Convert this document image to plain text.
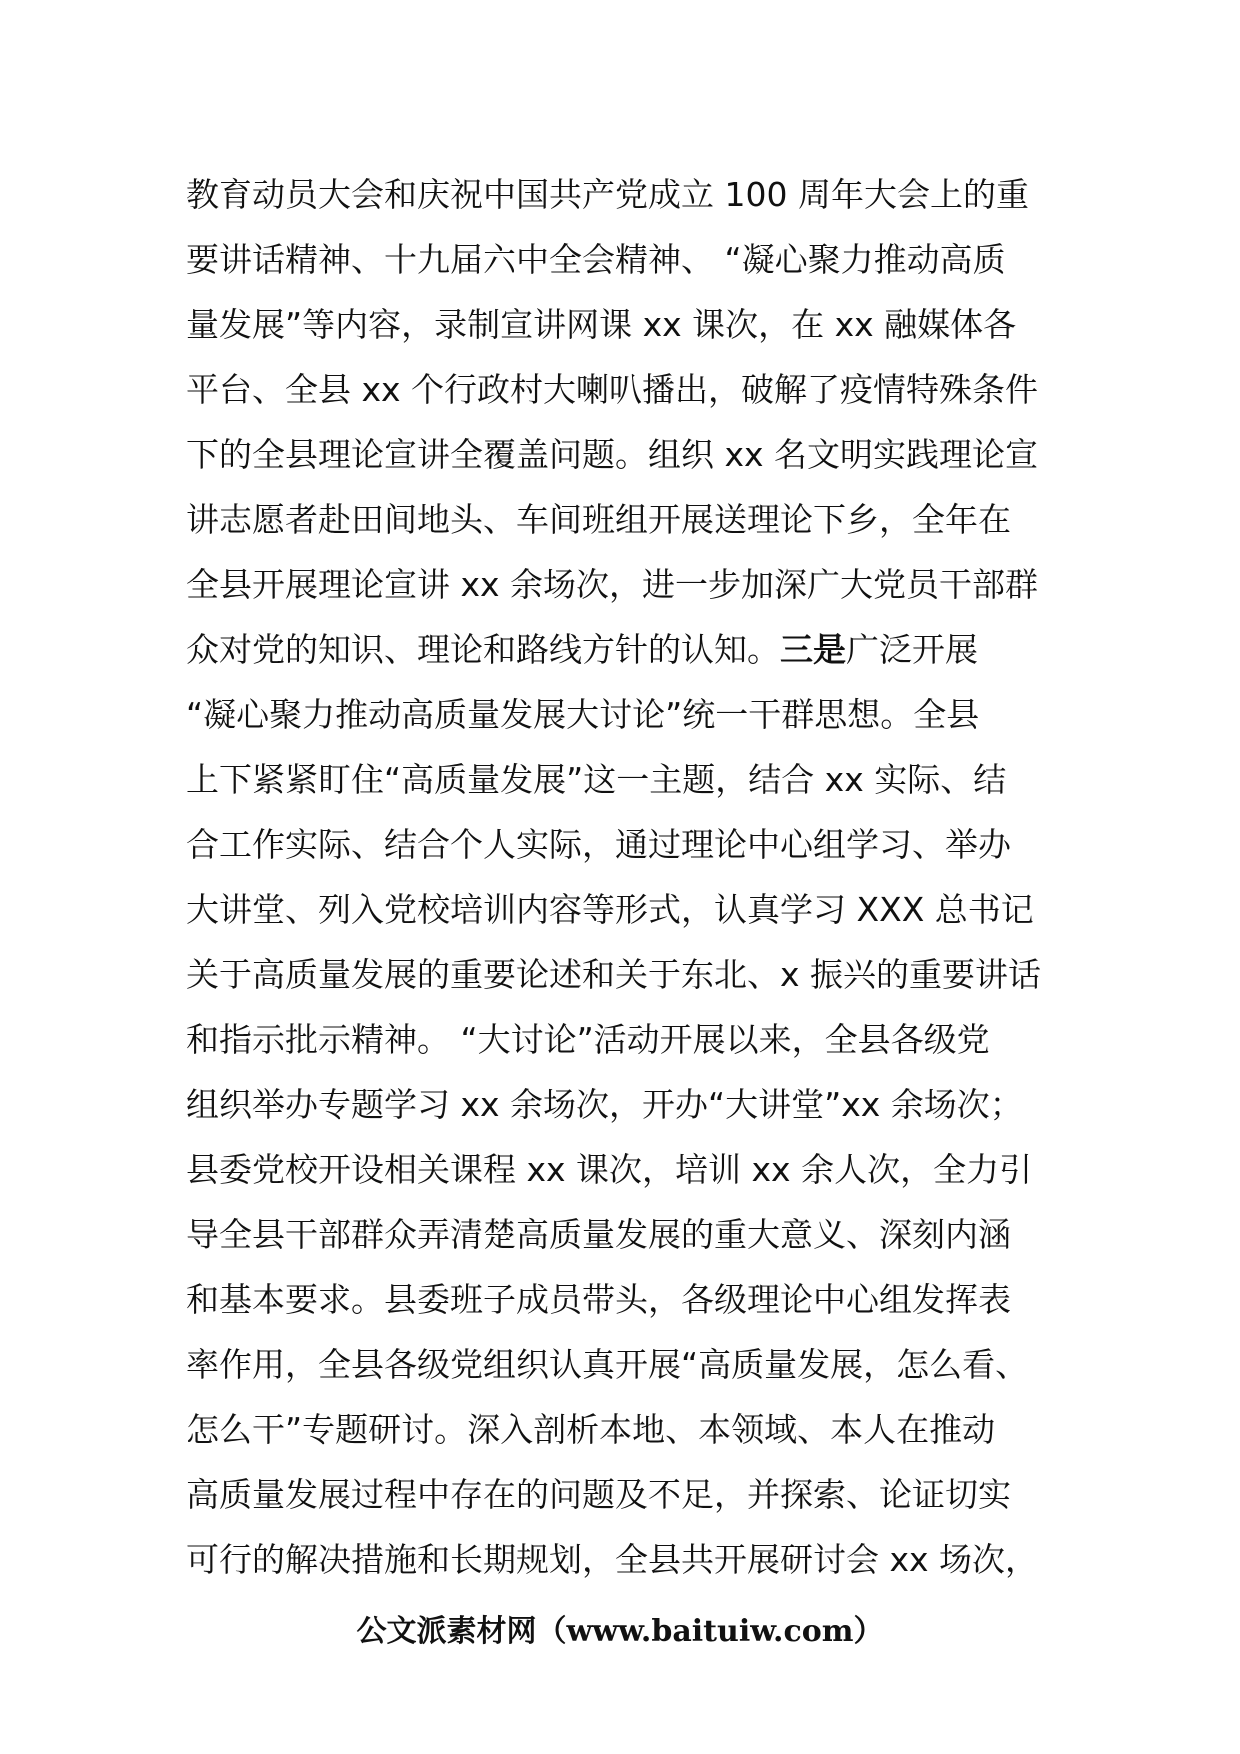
教育动员大会和庆祝中国共产党成立 100 周年大会上的重
要讲话精神、十九届六中全会精神、 “凝心聚力推动高质
量发展”等内容，录制宣讲网课 xx 课次，在 xx 融媒体各
平台、全县 xx 个行政村大喇叭播出，破解了疫情特殊条件
下的全县理论宣讲全覆盖问题。组织 xx 名文明实践理论宣
讲志愿者赴田间地头、车间班组开展送理论下乡，全年在
全县开展理论宣讲 xx 余场次，进一步加深广大党员干部群
众对党的知识、理论和路线方针的认知。三是广泛开展
“凝心聚力推动高质量发展大讨论”统一干群思想。全县
上下紧紧盯住“高质量发展”这一主题，结合 xx 实际、结
合工作实际、结合个人实际，通过理论中心组学习、举办
大讲堂、列入党校培训内容等形式，认真学习 XXX 总书记
关于高质量发展的重要论述和关于东北、x 振兴的重要讲话
和指示批示精神。 “大讨论”活动开展以来，全县各级党
组织举办专题学习 xx 余场次，开办“大讲堂”xx 余场次；
县委党校开设相关课程 xx 课次，培训 xx 余人次，全力引
导全县干部群众弄清楚高质量发展的重大意义、深刻内涵
和基本要求。县委班子成员带头，各级理论中心组发挥表
率作用，全县各级党组织认真开展“高质量发展，怎么看、
怎么干”专题研讨。深入剖析本地、本领域、本人在推动
高质量发展过程中存在的问题及不足，并探索、论证切实
可行的解决措施和长期规划，全县共开展研讨会 xx 场次，
公文派素材网（www.baituiw.com）
